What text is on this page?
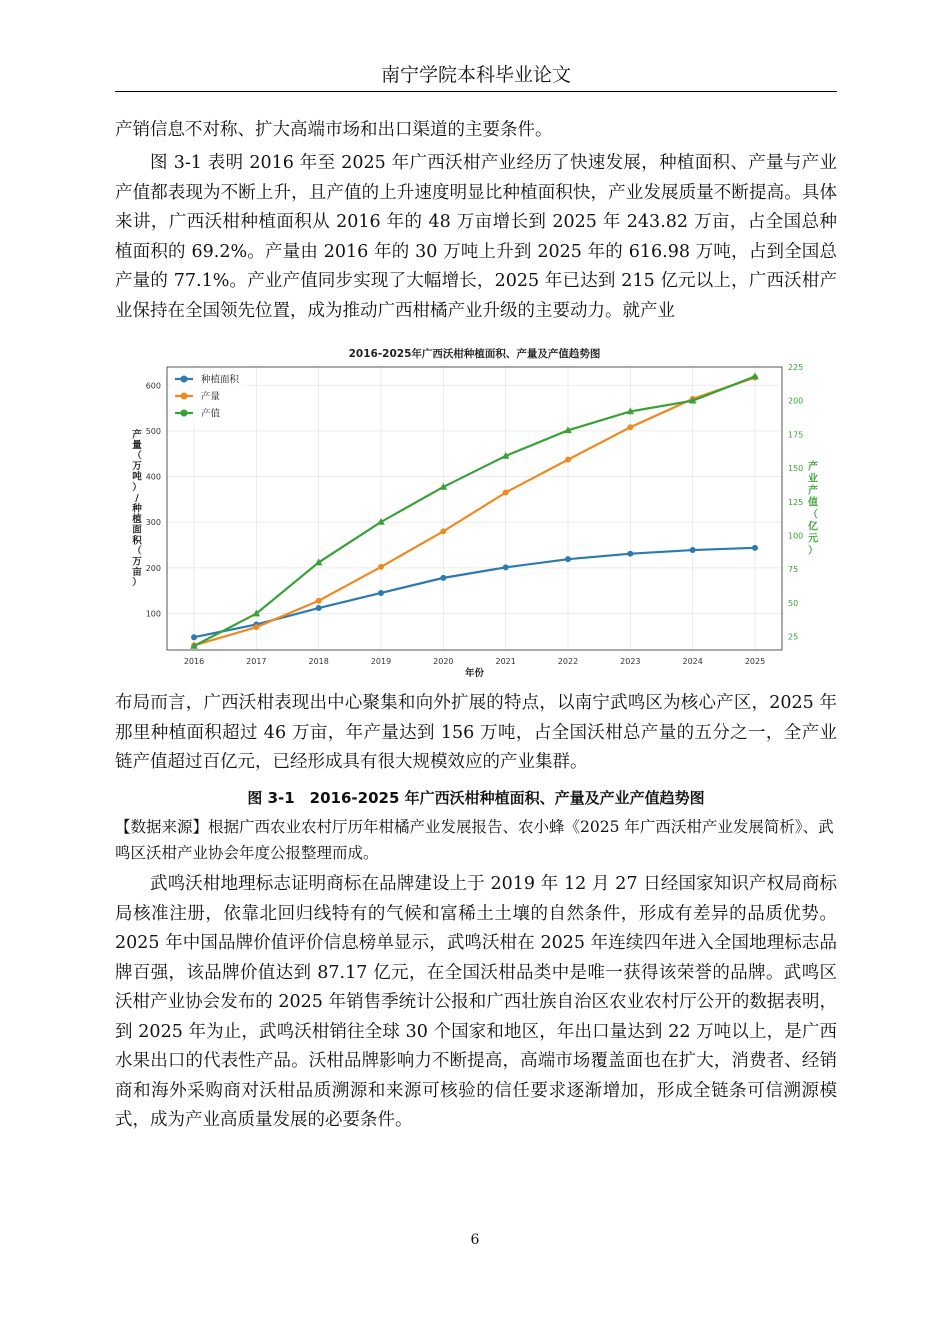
南宁学院本科毕业论文

产销信息不对称、扩大高端市场和出口渠道的主要条件。

图 3-1 表明 2016 年至 2025 年广西沃柑产业经历了快速发展，种植面积、产量与产业产值都表现为不断上升，且产值的上升速度明显比种植面积快，产业发展质量不断提高。具体来讲，广西沃柑种植面积从 2016 年的 48 万亩增长到 2025 年 243.82 万亩，占全国总种植面积的 69.2%。产量由 2016 年的 30 万吨上升到 2025 年的 616.98 万吨，占到全国总产量的 77.1%。产业产值同步实现了大幅增长，2025 年已达到 215 亿元以上，广西沃柑产业保持在全国领先位置，成为推动广西柑橘产业升级的主要动力。就产业

2016-2025年广西沃柑种植面积、产量及产值趋势图
100
200
300
400
500
600
2016	2017	2018	2019	2020	2021	2022	2023	2024	2025
25
50
75
100
125
150
175
200
225
年份
产
量
（
万
吨
）
/
种
植
面
积
（
万
亩
）
产
业
产
值
（
亿
元
）
种植面积
产量
产值

布局而言，广西沃柑表现出中心聚集和向外扩展的特点，以南宁武鸣区为核心产区，2025 年那里种植面积超过 46 万亩，年产量达到 156 万吨，占全国沃柑总产量的五分之一，全产业链产值超过百亿元，已经形成具有很大规模效应的产业集群。

图 3-1　2016-2025 年广西沃柑种植面积、产量及产业产值趋势图

【数据来源】根据广西农业农村厅历年柑橘产业发展报告、农小蜂《2025 年广西沃柑产业发展简析》、武鸣区沃柑产业协会年度公报整理而成。

武鸣沃柑地理标志证明商标在品牌建设上于 2019 年 12 月 27 日经国家知识产权局商标局核准注册，依靠北回归线特有的气候和富稀土土壤的自然条件，形成有差异的品质优势。2025 年中国品牌价值评价信息榜单显示，武鸣沃柑在 2025 年连续四年进入全国地理标志品牌百强，该品牌价值达到 87.17 亿元，在全国沃柑品类中是唯一获得该荣誉的品牌。武鸣区沃柑产业协会发布的 2025 年销售季统计公报和广西壮族自治区农业农村厅公开的数据表明，到 2025 年为止，武鸣沃柑销往全球 30 个国家和地区，年出口量达到 22 万吨以上，是广西水果出口的代表性产品。沃柑品牌影响力不断提高，高端市场覆盖面也在扩大，消费者、经销商和海外采购商对沃柑品质溯源和来源可核验的信任要求逐渐增加，形成全链条可信溯源模式，成为产业高质量发展的必要条件。

6
